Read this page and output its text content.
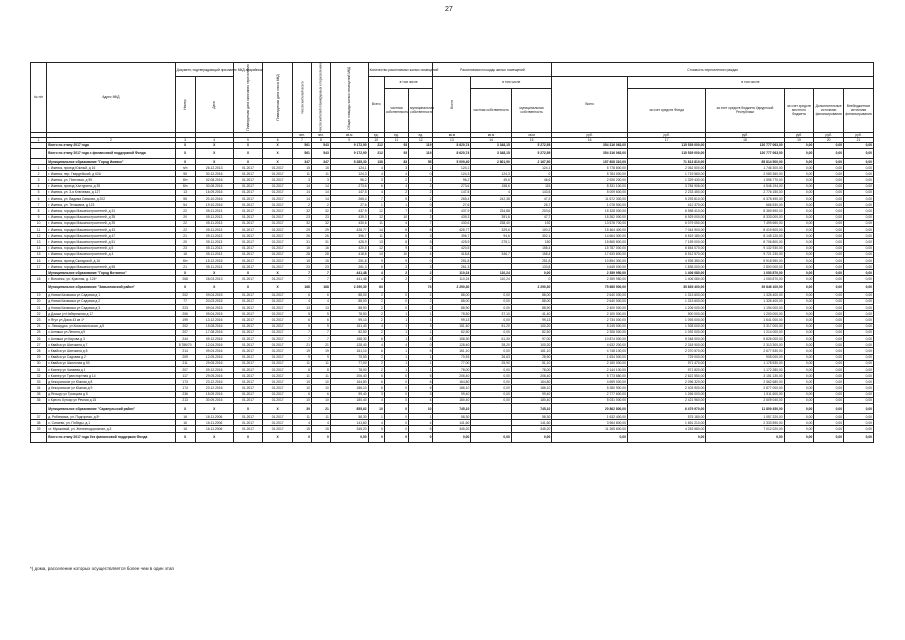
27
№ п/п	Адрес МКД	Документ, подтверждающий признание МКД аварийным		Планируемая дата окончания переселения	Планируемая дата сноса МКД	Число жителей всего	Число жителей планируемых к переселению	Общая площадь жилых помещений МКД	Количество расселяемых жилых помещений			Расселяемая площадь жилых помещений			Стоимость переселения граждан					
		Номер	Дата						Всего	в том числе		Всего	в том числе		Всего	в том числе				
										частная собственность	муниципальная собственность		частная собственность	муниципальная собственность		за счет средств Фонда	за счет средств бюджета Удмуртской Республики	за счет средств местного бюджета	Дополнительные источники финансирования	Внебюджетные источники финансирования
						чел.	чел.	кв.м	ед.	ед.	ед.	кв.м	кв.м	кв.м	руб.	руб.	руб.	руб.	руб.	руб.
1	2	3	4	5	6	7	8	9	10	11	12	13	14	15	16	17	18	19	20	21
	Всего по этапу 2017 года	Х	Х	Х	Х	561	543	9 172,90	212	93	119	8 620,74	3 348,15	5 272,59	354 316 063,00	115 539 000,00	120 777 063,00	0,00	0,00	0,00
	Всего по этапу 2017 года с финансовой поддержкой Фонда	Х	Х	Х	Х	561	543	9 172,90	212	93	119	8 620,74	3 348,15	5 272,59	354 316 063,00	115 539 000,00	120 777 063,00	0,00	0,00	0,00
	Муниципальное образование "Город Ижевск"	Х	Х	Х	Х	347	347	5 285,30	138	83	55	5 009,40	2 801,90	2 167,50	157 608 310,00	71 813 810,00	85 814 500,00	0,00	0,00	0,00
1	г. Ижевск, проезд Южный, д 16	п/н	26.12.2013	01.2017	01.2017	15	15	124,1	4	3	1	124,1		124,1	5 778 800,00	2 062 500,00	1 746 300,00	0,00	0,00	0,00
2	г. Ижевск, пер. Гвардейский, д 62А	55	30.12.2016	01.2017	01.2017	11	11	124,3	4	4	0	124,3	124,3	0	5 784 000,00	1 719 560,00	2 083 360,00	0,00	0,00	0,00
3	г. Ижевск, ул. Пихтовая, д 95	б/н	02.08.2016	01.2017	01.2017	3	3	96,2	3	2	1	96,2	49,6	46,6	2 926 200,00	1 329 430,00	1 596 770,00	0,00	0,00	0,00
4	г. Ижевск, проезд Халтурина, д 35	б/н	30.08.2016	01.2017	01.2017	14	14	273,6	6	4	2	273,6	158,6	115	8 331 100,00	3 784 906,00	4 546 194,00	0,00	0,00	0,00
5	г. Ижевск, ул. 3-я Ключевая, д 127	13	16.09.2016	01.2017	01.2017	14	14	147,5	4	2	2	147,5	4	143,5	5 009 600,00	2 233 450,00	2 776 150,00	0,00	0,00	0,00
6	г. Ижевск, ул. Вадима Сивкова, д 202	55	20.10.2016	01.2017	01.2017	14	14	265,4	7	5	2	265,4	242,38	47,3	11 672 300,00	5 293 810,00	6 378 490,00	0,00	0,00	0,00
7	г. Ижевск, ул. Тельмана, д 123	54	19.10.2016	01.2017	01.2017	2	2	27,6	1	1	0	27,6		26,7	1 078 900,00	412 370,00	666 530,00	0,00	0,00	0,00
8	г. Ижевск, городок Машиностроителей, д 31	22	05.11.2013	01.2017	01.2017	32	32	437,9	12	7	5	437,9	234,88	203,6	15 328 000,00	6 958 410,00	8 369 590,00	0,00	0,00	0,00
9	г. Ижевск, городок Машиностроителей, д 35	20	05.11.2013	01.2017	01.2017	23	23	439,3	12	10	2	439,3	391,6	47,7	15 262 000,00	6 929 000,00	8 333 000,00	0,00	0,00	0,00
10	г. Ижевск, городок Машиностроителей, д 39	22	05.11.2013	01.2017	01.2017	32	32	430,6	11	4	7	430,6	238,40	192	13 578 700,00	6 079 050,00	7 499 650,00	0,00	0,00	0,00
11	г. Ижевск, городок Машиностроителей, д 43	22	05.11.2013	01.2017	01.2017	29	29	428,77	14	8	6	428,77	329,6	100,2	15 464 400,00	7 044 900,00	8 419 500,00	0,00	0,00	0,00
12	г. Ижевск, городок Машиностроителей, д 47	21	05.11.2013	01.2017	01.2017	26	26	396,7	11	8	3	396,7	94,6	302,1	14 664 300,00	6 519 180,00	8 145 120,00	0,00	0,00	0,00
13	г. Ижевск, городок Машиностроителей, д 51	20	05.11.2013	01.2017	01.2017	31	31	425,9	13	8	5	425,9	275,1	150	15 865 800,00	7 159 000,00	8 706 800,00	0,00	0,00	0,00
14	г. Ижевск, городок Машиностроителей, д 5	23	05.11.2013	01.2017	01.2017	16	16	420,5	12	9	3	420,5		158,4	15 787 000,00	6 654 070,00	9 132 930,00	0,00	0,00	0,00
15	г. Ижевск, городок Машиностроителей, д 4	16	05.11.2013	01.2017	01.2017	28	28	418,8	14	10	4	418,8	346,7	158,4	17 633 800,00	6 912 570,00	9 721 230,00	0,00	0,00	0,00
16	г. Ижевск, проезд Складской, д 16	б/н	15.12.2015	01.2017	01.2017	15	15	251,8	9	9	0	251,8		251,8	10 854 300,00	4 935 350,00	5 918 950,00	0,00	0,00	0,00
17	г. Ижевск, городок Машиностроителей, д 55	21	05.11.2013	01.2017	01.2017	23	23	261,3	6	3	3	261,3		133,8	4 645 000,00	1 835 000,00	2 800 000,00	0,00	0,00	0,00
	Муниципальное образование "Город Воткинск"	Х	Х	Х	Х	7	7	441,48	4	2	2	110,24	110,24	0,00	2 359 950,00	1 406 080,00	1 053 870,00	0,00	0,00	0,00
18	г. Воткинск, ул. Красная, д. 124*	268	28.03.2013	01.2017	01.2017	7	7	441,48	4	2	2	110,24	110,24	0	2 359 950,00	1 406 080,00	1 053 870,00	0,00	0,00	0,00
	Муниципальное образование "Завьяловский район"	Х	Х	Х	Х	168	168	2 290,30	63		74	2 290,30		2 290,30	75 685 500,00	35 839 400,00	39 846 100,00	0,00	0,00	0,00
19	д Новая Казмаска ул Садовая д 1	202	09.04.2015	01.2017	01.2017	6	6	88,00	2	0	2	88,00	0,00	88,00	2 640 000,00	1 313 600,00	1 326 400,00	0,00	0,00	0,00
20	д Новая Казмаска ул Садовая д 2	77	20.03.2015	01.2017	01.2017	4	4	88,00	2	0	2	88,00	0,00	88,00	2 640 000,00	1 313 600,00	1 326 400,00	0,00	0,00	0,00
21	д Новая Казмаска ул Садовая д 3	223	09.04.2015	01.2017	01.2017	13	13	88,90	2	0	2	88,90	0,00	88,90	2 400 000,00	1 206 000,00	1 194 000,00	0,00	0,00	0,00
22	д Докши ул Набережная д 17	206	09.04.2015	01.2017	01.2017	5	5	78,50	2	1	1	78,50	37,10	41,40	2 100 000,00	900 000,00	1 200 000,00	0,00	0,00	0,00
23	п Ягул ул Дома 43 кв 1*	199	13.12.2016	01.2017	01.2017	6	6	99,13	2	1	1	99,13	0,00	99,13	2 734 000,00	1 093 000,00	1 641 000,00	0,00	0,00	0,00
24	с. Люкшудья, ул.Комсомольская, д.5	202	15.08.2016	01.2017	01.2017	9	9	151,40	4	1	3	151,40	51,20	100,20	5 245 000,00	1 928 000,00	3 317 000,00	0,00	0,00	0,00
25	с Алнаши ул Ленина д 9	207	17.08.2016	01.2017	01.2017	7	7	82,50	2	1	1	82,50	0,00	82,50	2 306 000,00	1 092 000,00	1 214 000,00	0,00	0,00	0,00
26	с Алнаши ул Кирова д 3	244	09.12.2016	01.2017	01.2017	7	7	158,30	6	1	5	158,30	61,30	97,00	10 874 000,00	5 048 000,00	5 826 000,00	0,00	0,00	0,00
27	с Квайса ул Шатчкина д 7	8 786/70	12.04.2016	01.2017	01.2017	21	21	128,40	4	4	0	128,40	28,20	100,20	4 632 200,00	2 318 900,00	2 313 300,00	0,00	0,00	0,00
28	с Квайса ул Шатчкина д 8	214	09.04.2016	01.2017	01.2017	19	19	161,10	6	1	5	161,10	0,00	161,10	4 748 100,00	2 070 570,00	2 677 530,00	0,00	0,00	0,00
29	с Квайса ул Садовая д 2	209	12.05.2016	01.2017	01.2017	9	9	70,53	2	1	1	70,53	26,63	28,90	1 634 000,00	729 000,00	905 000,00	0,00	0,00	0,00
30	с Квайса ул Школьная д 50	211	29.05.2016	01.2017	01.2017	11	11	77,00	2	1	1	77,00	25,90	51,10	2 150 000,00	971 470,00	1 178 530,00	0,00	0,00	0,00
31	с Кизнер ул Чапаева д 1	207	09.12.2016	01.2017	01.2017	8	8	78,00	2	1	1	78,00	0,00	78,00	2 144 100,00	971 820,00	1 172 280,00	0,00	0,00	0,00
32	с Кизнер ул Транспортная д 14	117	29.05.2016	01.2017	01.2017	11	11	206,40	5	0	5	206,40	0,00	206,40	5 773 680,00	2 622 550,00	3 151 130,00	0,00	0,00	0,00
33	д Кекоранское ул Южная д 8	173	23.12.2016	01.2017	01.2017	10	10	164,80	6	0	6	164,80	0,00	164,80	4 659 000,00	2 096 320,00	2 562 680,00	0,00	0,00	0,00
34	д Кекоранское ул Южная д 9	174	23.12.2016	01.2017	01.2017	10	10	186,10	6	0	6	186,10	0,00	186,10	5 280 900,00	2 403 900,00	2 877 000,00	0,00	0,00	0,00
35	д Ягошур ул Троицкая д 5	236	15.09.2016	01.2017	01.2017	6	6	99,40	3	0	3	99,40	0,00	99,40	2 777 600,00	1 266 000,00	1 511 600,00	0,00	0,00	0,00
36	с Кресть Куткар ул Речная д 15	213	30.09.2016	01.2017	01.2017	10	10	180,40	4	0	4	180,40	0,00	180,40	5 031 000,00	2 421 960,00	2 609 040,00	0,00	0,00	0,00
	Муниципальное образование "Сарапульский район"	Х	Х	Х	Х	39	21	855,62	10	0	10	745,10		745,10	20 862 800,00	6 479 970,00	11 809 450,00	0,00	0,00	0,00
37	д. Рябиновка, ул. Подгорная, д.5*	16	16.11.2006	01.2017	01.2017	11	11	58,30	1	0	1	58,30		58,30	1 632 400,00	575 180,00	1 057 220,00	0,00	0,00	0,00
38	с. Сигаево, ул. Победы, д.1	16	16.11.2006	01.2017	01.2017	4	4	141,60	4	0	4	141,60		141,60	3 964 800,00	1 651 210,00	2 333 590,00	0,00	0,00	0,00
39	ст. Мушковый, ул. Железнодорожная, д.3	16	16.11.2006	01.2017	01.2017	15	15	345,20	5	0	5	345,20		345,20	11 265 600,00	4 253 580,00	7 012 020,00	0,00	0,00	0,00
	Всего по этапу 2017 года без финансовой поддержки Фонда	Х	Х	Х	Х	0	0	0,00	0	0	0	0,00	0,00	0,00	0,00	0,00	0,00	0,00	0,00	0,00
*) дома, расселение которых осуществляется более чем в один этап
